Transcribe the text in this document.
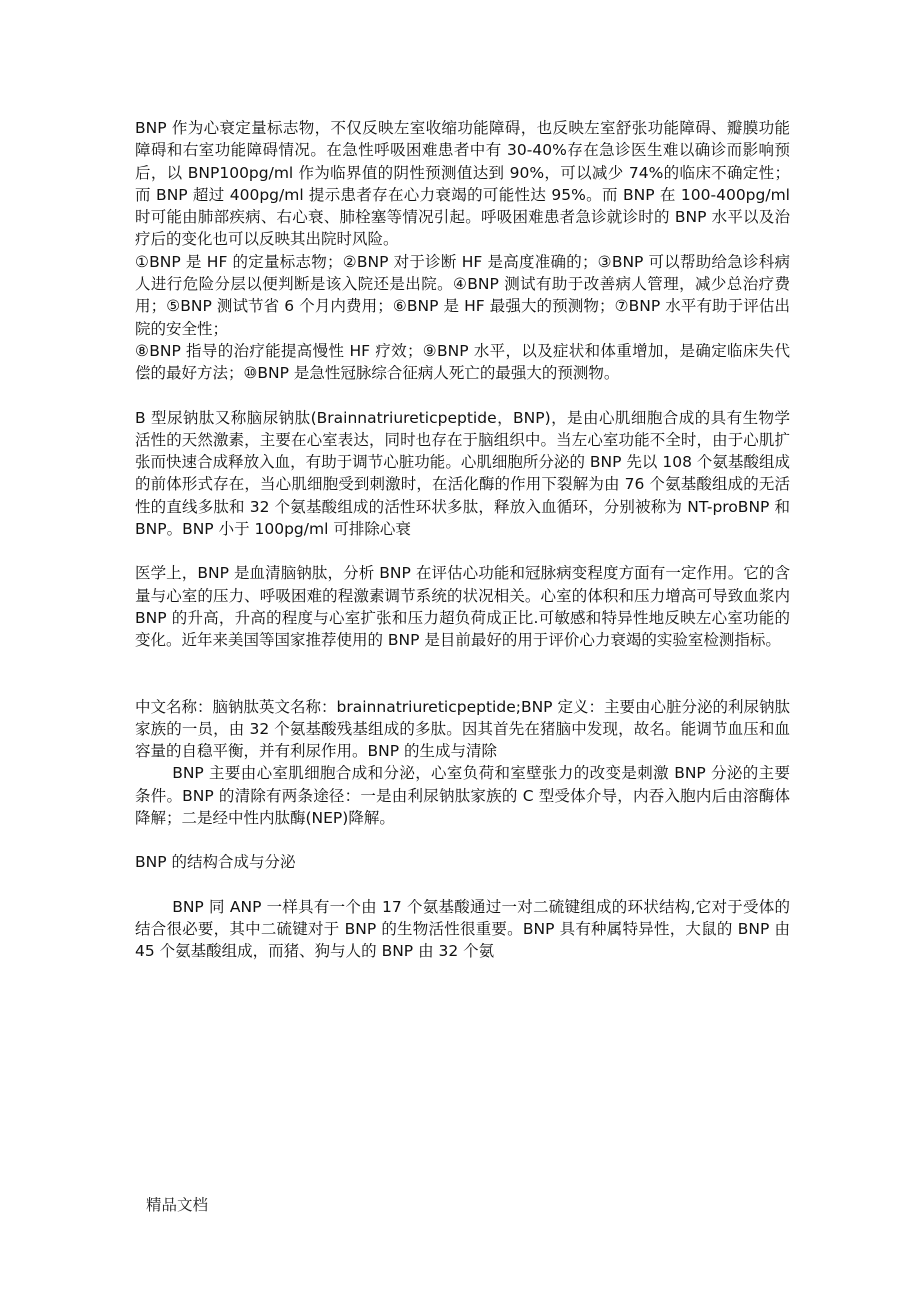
BNP 作为心衰定量标志物，不仅反映左室收缩功能障碍，也反映左室舒张功能障碍、瓣膜功能障碍和右室功能障碍情况。在急性呼吸困难患者中有 30-40%存在急诊医生难以确诊而影响预后，以 BNP100pg/ml 作为临界值的阴性预测值达到 90%，可以减少 74%的临床不确定性；而 BNP 超过 400pg/ml 提示患者存在心力衰竭的可能性达 95%。而 BNP 在 100-400pg/ml 时可能由肺部疾病、右心衰、肺栓塞等情况引起。呼吸困难患者急诊就诊时的 BNP 水平以及治疗后的变化也可以反映其出院时风险。

①BNP 是 HF 的定量标志物；②BNP 对于诊断 HF 是高度准确的；③BNP 可以帮助给急诊科病人进行危险分层以便判断是该入院还是出院。④BNP 测试有助于改善病人管理，减少总治疗费用；⑤BNP 测试节省 6 个月内费用；⑥BNP 是 HF 最强大的预测物；⑦BNP 水平有助于评估出院的安全性；

⑧BNP 指导的治疗能提高慢性 HF 疗效；⑨BNP 水平，以及症状和体重增加，是确定临床失代偿的最好方法；⑩BNP 是急性冠脉综合征病人死亡的最强大的预测物。

B 型尿钠肽又称脑尿钠肽(Brainnatriureticpeptide，BNP)，是由心肌细胞合成的具有生物学活性的天然激素，主要在心室表达，同时也存在于脑组织中。当左心室功能不全时，由于心肌扩张而快速合成释放入血，有助于调节心脏功能。心肌细胞所分泌的 BNP 先以 108 个氨基酸组成的前体形式存在，当心肌细胞受到刺激时，在活化酶的作用下裂解为由 76 个氨基酸组成的无活性的直线多肽和 32 个氨基酸组成的活性环状多肽，释放入血循环，分别被称为 NT-proBNP 和 BNP。BNP 小于 100pg/ml 可排除心衰

医学上，BNP 是血清脑钠肽，分析 BNP 在评估心功能和冠脉病变程度方面有一定作用。它的含量与心室的压力、呼吸困难的程激素调节系统的状况相关。心室的体积和压力增高可导致血浆内 BNP 的升高，升高的程度与心室扩张和压力超负荷成正比.可敏感和特异性地反映左心室功能的变化。近年来美国等国家推荐使用的 BNP 是目前最好的用于评价心力衰竭的实验室检测指标。

中文名称：脑钠肽英文名称：brainnatriureticpeptide;BNP 定义：主要由心脏分泌的利尿钠肽家族的一员，由 32 个氨基酸残基组成的多肽。因其首先在猪脑中发现，故名。能调节血压和血容量的自稳平衡，并有利尿作用。BNP 的生成与清除

BNP 主要由心室肌细胞合成和分泌，心室负荷和室壁张力的改变是刺激 BNP 分泌的主要条件。BNP 的清除有两条途径：一是由利尿钠肽家族的 C 型受体介导，内吞入胞内后由溶酶体降解；二是经中性内肽酶(NEP)降解。

BNP 的结构合成与分泌

BNP 同 ANP 一样具有一个由 17 个氨基酸通过一对二硫键组成的环状结构,它对于受体的结合很必要，其中二硫键对于 BNP 的生物活性很重要。BNP 具有种属特异性，大鼠的 BNP 由 45 个氨基酸组成，而猪、狗与人的 BNP 由 32 个氨

精品文档
